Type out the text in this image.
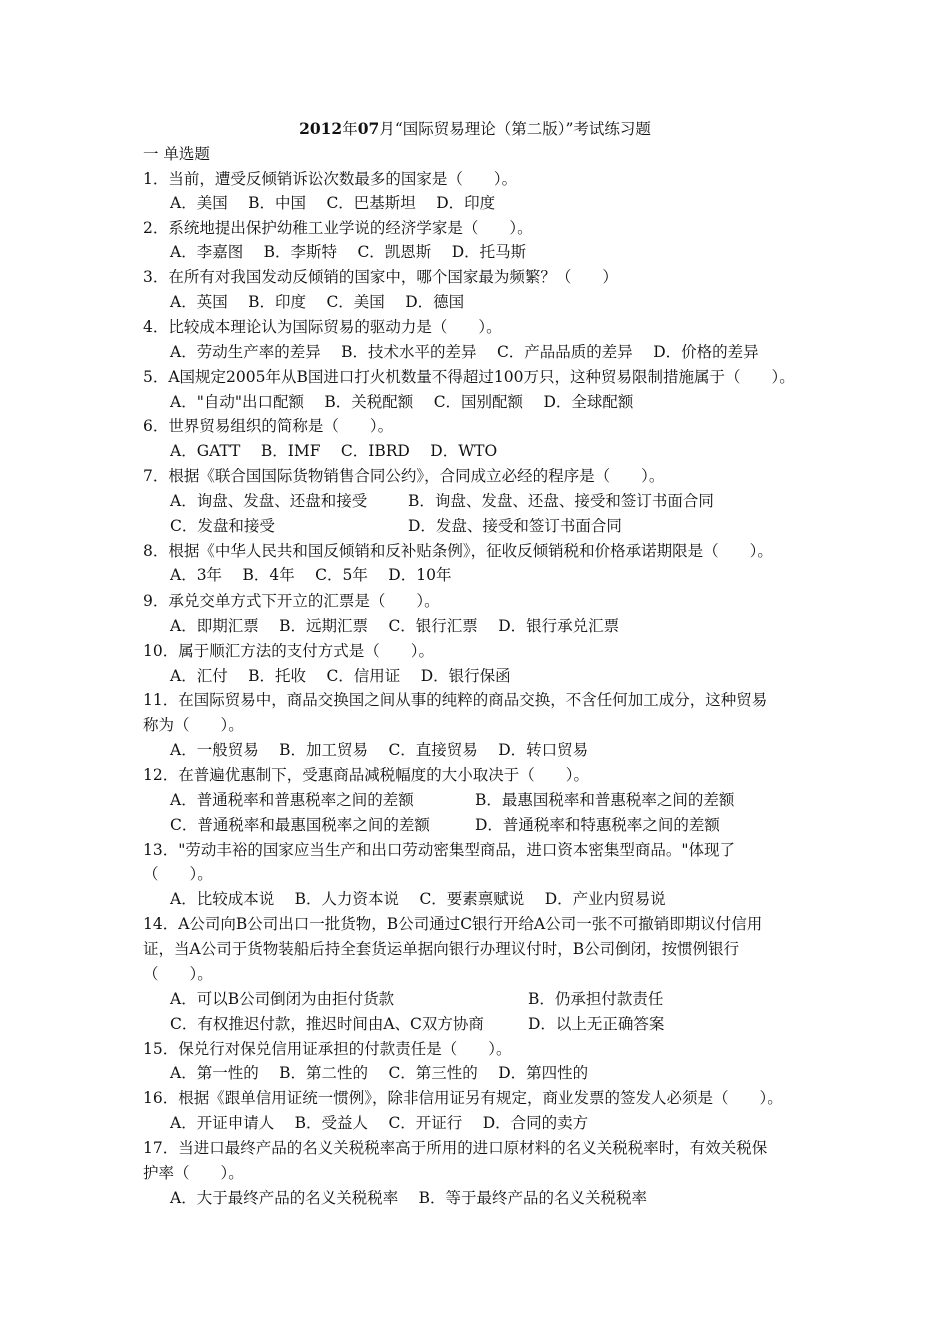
2012年07月“国际贸易理论（第二版）”考试练习题
一 单选题
1．当前，遭受反倾销诉讼次数最多的国家是（　　）。
A．美国　 B．中国　 C．巴基斯坦　 D．印度
2．系统地提出保护幼稚工业学说的经济学家是（　　）。
A．李嘉图　 B．李斯特　 C．凯恩斯　 D．托马斯
3．在所有对我国发动反倾销的国家中，哪个国家最为频繁？（　　）
A．英国　 B．印度　 C．美国　 D．德国
4．比较成本理论认为国际贸易的驱动力是（　　）。
A．劳动生产率的差异　 B．技术水平的差异　 C．产品品质的差异　 D．价格的差异
5．A国规定2005年从B国进口打火机数量不得超过100万只，这种贸易限制措施属于（　　）。
A．"自动"出口配额　 B．关税配额　 C．国别配额　 D．全球配额
6．世界贸易组织的简称是（　　）。
A．GATT　 B．IMF　 C．IBRD　 D．WTO
7．根据《联合国国际货物销售合同公约》，合同成立必经的程序是（　　）。
A．询盘、发盘、还盘和接受	B．询盘、发盘、还盘、接受和签订书面合同
C．发盘和接受	D．发盘、接受和签订书面合同
8．根据《中华人民共和国反倾销和反补贴条例》，征收反倾销税和价格承诺期限是（　　）。
A．3年　 B．4年　 C．5年　 D．10年
9．承兑交单方式下开立的汇票是（　　）。
A．即期汇票　 B．远期汇票　 C．银行汇票　 D．银行承兑汇票
10．属于顺汇方法的支付方式是（　　）。
A．汇付　 B．托收　 C．信用证　 D．银行保函
11．在国际贸易中，商品交换国之间从事的纯粹的商品交换，不含任何加工成分，这种贸易
称为（　　）。
A．一般贸易　 B．加工贸易　 C．直接贸易　 D．转口贸易
12．在普遍优惠制下，受惠商品减税幅度的大小取决于（　　）。
A．普通税率和普惠税率之间的差额	B．最惠国税率和普惠税率之间的差额
C．普通税率和最惠国税率之间的差额	D．普通税率和特惠税率之间的差额
13．"劳动丰裕的国家应当生产和出口劳动密集型商品，进口资本密集型商品。"体现了
（　　）。
A．比较成本说　 B．人力资本说　 C．要素禀赋说　 D．产业内贸易说
14．A公司向B公司出口一批货物，B公司通过C银行开给A公司一张不可撤销即期议付信用
证，当A公司于货物装船后持全套货运单据向银行办理议付时，B公司倒闭，按惯例银行
（　　）。
A．可以B公司倒闭为由拒付货款	B．仍承担付款责任
C．有权推迟付款，推迟时间由A、C双方协商	D．以上无正确答案
15．保兑行对保兑信用证承担的付款责任是（　　）。
A．第一性的　 B．第二性的　 C．第三性的　 D．第四性的
16．根据《跟单信用证统一惯例》，除非信用证另有规定，商业发票的签发人必须是（　　）。
A．开证申请人　 B．受益人　 C．开证行　 D．合同的卖方
17．当进口最终产品的名义关税税率高于所用的进口原材料的名义关税税率时，有效关税保
护率（　　）。
A．大于最终产品的名义关税税率　 B．等于最终产品的名义关税税率
